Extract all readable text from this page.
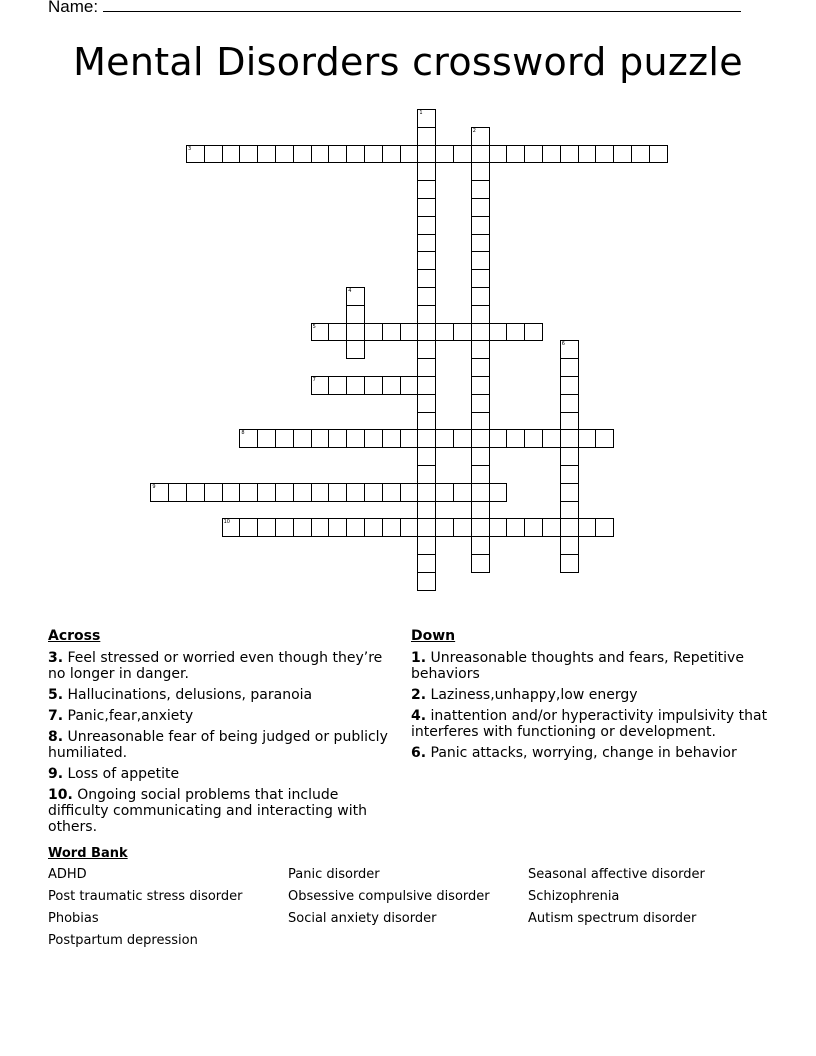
Name:
Mental Disorders crossword puzzle
1
2
3
4
5
6
7
8
9
10
Across
3. Feel stressed or worried even though they’re no longer in danger.
5. Hallucinations, delusions, paranoia
7. Panic,fear,anxiety
8. Unreasonable fear of being judged or publicly humiliated.
9. Loss of appetite
10. Ongoing social problems that include difficulty communicating and interacting with others.
Down
1. Unreasonable thoughts and fears, Repetitive behaviors
2. Laziness,unhappy,low energy
4. inattention and/or hyperactivity impulsivity that interferes with functioning or development.
6. Panic attacks, worrying, change in behavior
Word Bank
ADHD	Panic disorder	Seasonal affective disorder
Post traumatic stress disorder	Obsessive compulsive disorder	Schizophrenia
Phobias	Social anxiety disorder	Autism spectrum disorder
Postpartum depression
